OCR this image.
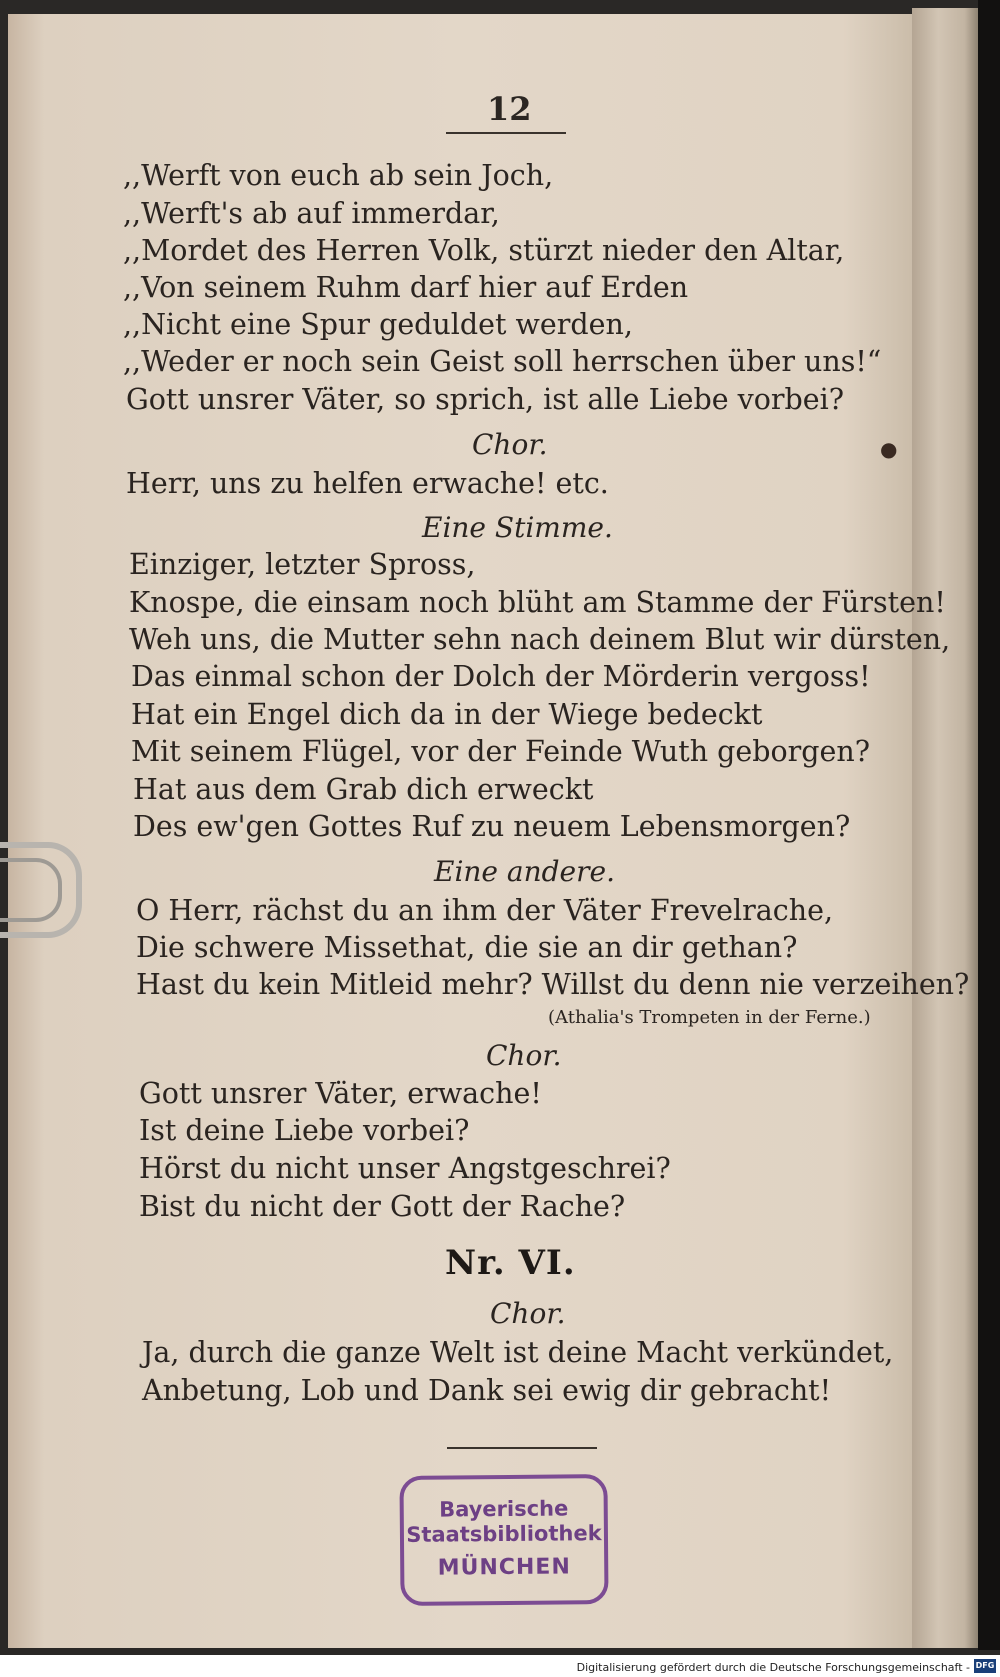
12
,,Werft von euch ab sein Joch,
,,Werft's ab auf immerdar,
,,Mordet des Herren Volk, stürzt nieder den Altar,
,,Von seinem Ruhm darf hier auf Erden
,,Nicht eine Spur geduldet werden,
,,Weder er noch sein Geist soll herrschen über uns!“
Gott unsrer Väter, so sprich, ist alle Liebe vorbei?
Chor.
Herr, uns zu helfen erwache! etc.
Eine Stimme.
Einziger, letzter Spross,
Knospe, die einsam noch blüht am Stamme der Fürsten!
Weh uns, die Mutter sehn nach deinem Blut wir dürsten,
Das einmal schon der Dolch der Mörderin vergoss!
Hat ein Engel dich da in der Wiege bedeckt
Mit seinem Flügel, vor der Feinde Wuth geborgen?
Hat aus dem Grab dich erweckt
Des ew'gen Gottes Ruf zu neuem Lebensmorgen?
Eine andere.
O Herr, rächst du an ihm der Väter Frevelrache,
Die schwere Missethat, die sie an dir gethan?
Hast du kein Mitleid mehr? Willst du denn nie verzeihen?
(Athalia's Trompeten in der Ferne.)
Chor.
Gott unsrer Väter, erwache!
Ist deine Liebe vorbei?
Hörst du nicht unser Angstgeschrei?
Bist du nicht der Gott der Rache?
Nr. VI.
Chor.
Ja, durch die ganze Welt ist deine Macht verkündet,
Anbetung, Lob und Dank sei ewig dir gebracht!
Bayerische
Staatsbibliothek
MÜNCHEN
●
Digitalisierung gefördert durch die Deutsche Forschungsgemeinschaft - DFG
